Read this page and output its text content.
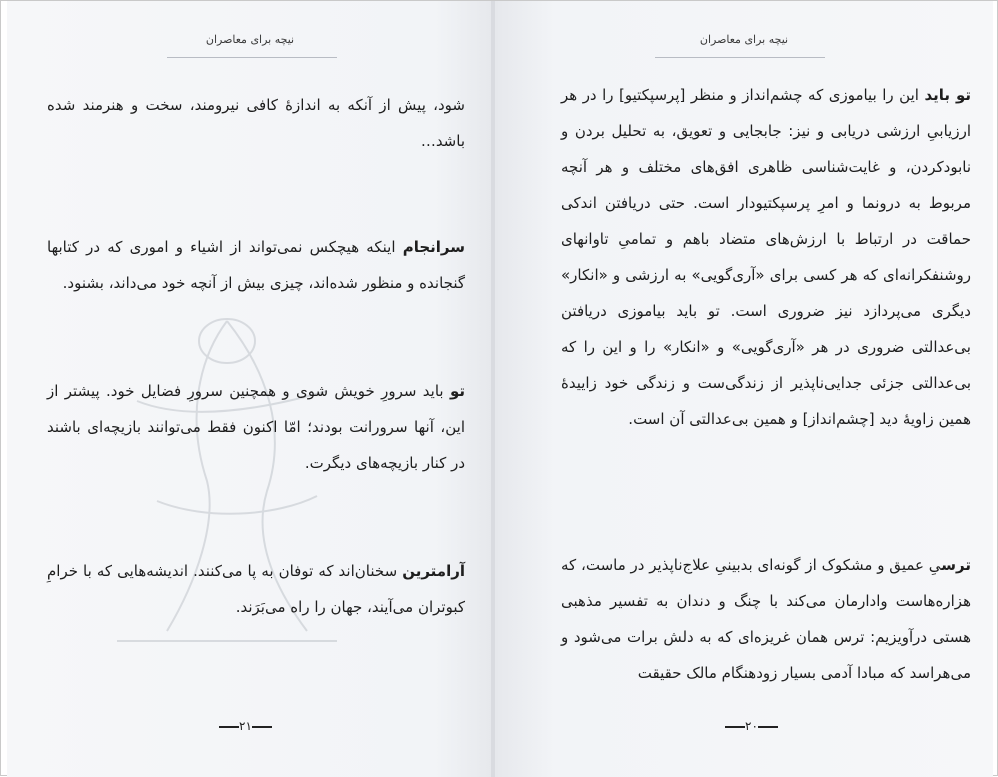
نیچه برای معاصران

شود، پیش از آنکه به اندازهٔ کافی نیرومند، سخت و هنرمند شده باشد…

سرانجام اینکه هیچکس نمی‌تواند از اشیاء و اموری که در کتابها گنجانده و منظور شده‌اند، چیزی بیش از آنچه خود می‌داند، بشنود.

تو باید سرورِ خویش شوی و همچنین سرورِ فضایل خود. پیشتر از این، آنها سرورانت بودند؛ امّا اکنون فقط می‌توانند بازیچه‌ای باشند در کنار بازیچه‌های دیگرت.

آرامترین سخنان‌اند که توفان به پا می‌کنند. اندیشه‌هایی که با خرامِ کبوتران می‌آیند، جهان را راه می‌بَرَند.

۲۱
نیچه برای معاصران

تو باید این را بیاموزی که چشم‌انداز و منظر [پرسپکتیو] را در هر ارزیابیِ ارزشی دریابی و نیز: جابجایی و تعویق، به تحلیل بردن و نابودکردن، و غایت‌شناسی ظاهری افق‌های مختلف و هر آنچه مربوط به درونما و امرِ پرسپکتیودار است. حتی دریافتن اندکی حماقت در ارتباط با ارزش‌های متضاد باهم و تمامیِ تاوانهای روشنفکرانه‌ای که هر کسی برای «آری‌گویی» به ارزشی و «انکار» دیگری می‌پردازد نیز ضروری است. تو باید بیاموزی دریافتن بی‌عدالتی ضروری در هر «آری‌گویی» و «انکار» را و این را که بی‌عدالتی جزئی جدایی‌ناپذیر از زندگی‌ست و زندگی خود زاییدهٔ همین زاویهٔ دید [چشم‌انداز] و همین بی‌عدالتی آن است.

ترسیِ عمیق و مشکوک از گونه‌ای بدبینیِ علاج‌ناپذیر در ماست، که هزاره‌هاست وادارمان می‌کند با چنگ و دندان به تفسیر مذهبی هستی درآویزیم: ترس همان غریزه‌ای که به دلش برات می‌شود و می‌هراسد که مبادا آدمی بسیار زودهنگام مالک حقیقت

۲۰
